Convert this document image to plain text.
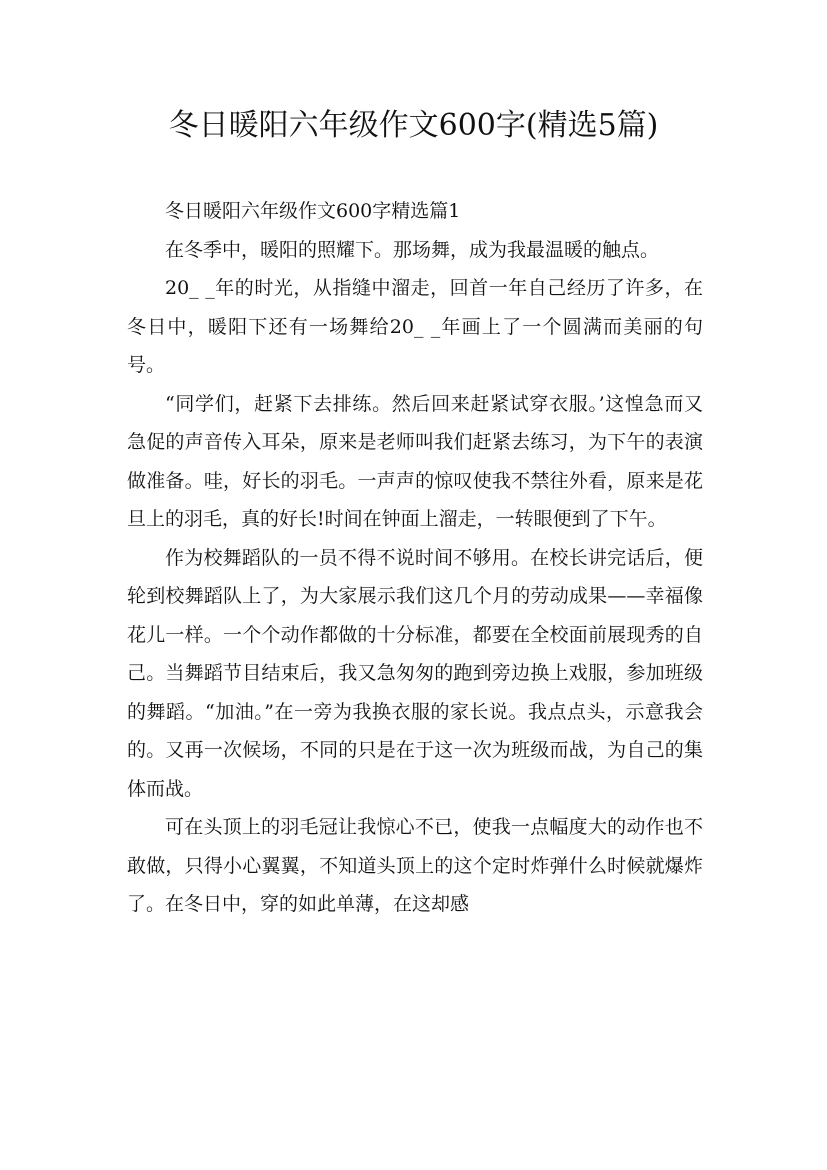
冬日暖阳六年级作文600字(精选5篇)

冬日暖阳六年级作文600字精选篇1

在冬季中，暖阳的照耀下。那场舞，成为我最温暖的触点。

20_ _年的时光，从指缝中溜走，回首一年自己经历了许多，在冬日中，暖阳下还有一场舞给20_ _年画上了一个圆满而美丽的句号。

“同学们，赶紧下去排练。然后回来赶紧试穿衣服。’这惶急而又急促的声音传入耳朵，原来是老师叫我们赶紧去练习，为下午的表演做准备。哇，好长的羽毛。一声声的惊叹使我不禁往外看，原来是花旦上的羽毛，真的好长!时间在钟面上溜走，一转眼便到了下午。

作为校舞蹈队的一员不得不说时间不够用。在校长讲完话后，便轮到校舞蹈队上了，为大家展示我们这几个月的劳动成果——幸福像花儿一样。一个个动作都做的十分标准，都要在全校面前展现秀的自己。当舞蹈节目结束后，我又急匆匆的跑到旁边换上戏服，参加班级的舞蹈。“加油。”在一旁为我换衣服的家长说。我点点头，示意我会的。又再一次候场，不同的只是在于这一次为班级而战，为自己的集体而战。

可在头顶上的羽毛冠让我惊心不已，使我一点幅度大的动作也不敢做，只得小心翼翼，不知道头顶上的这个定时炸弹什么时候就爆炸了。在冬日中，穿的如此单薄，在这却感
